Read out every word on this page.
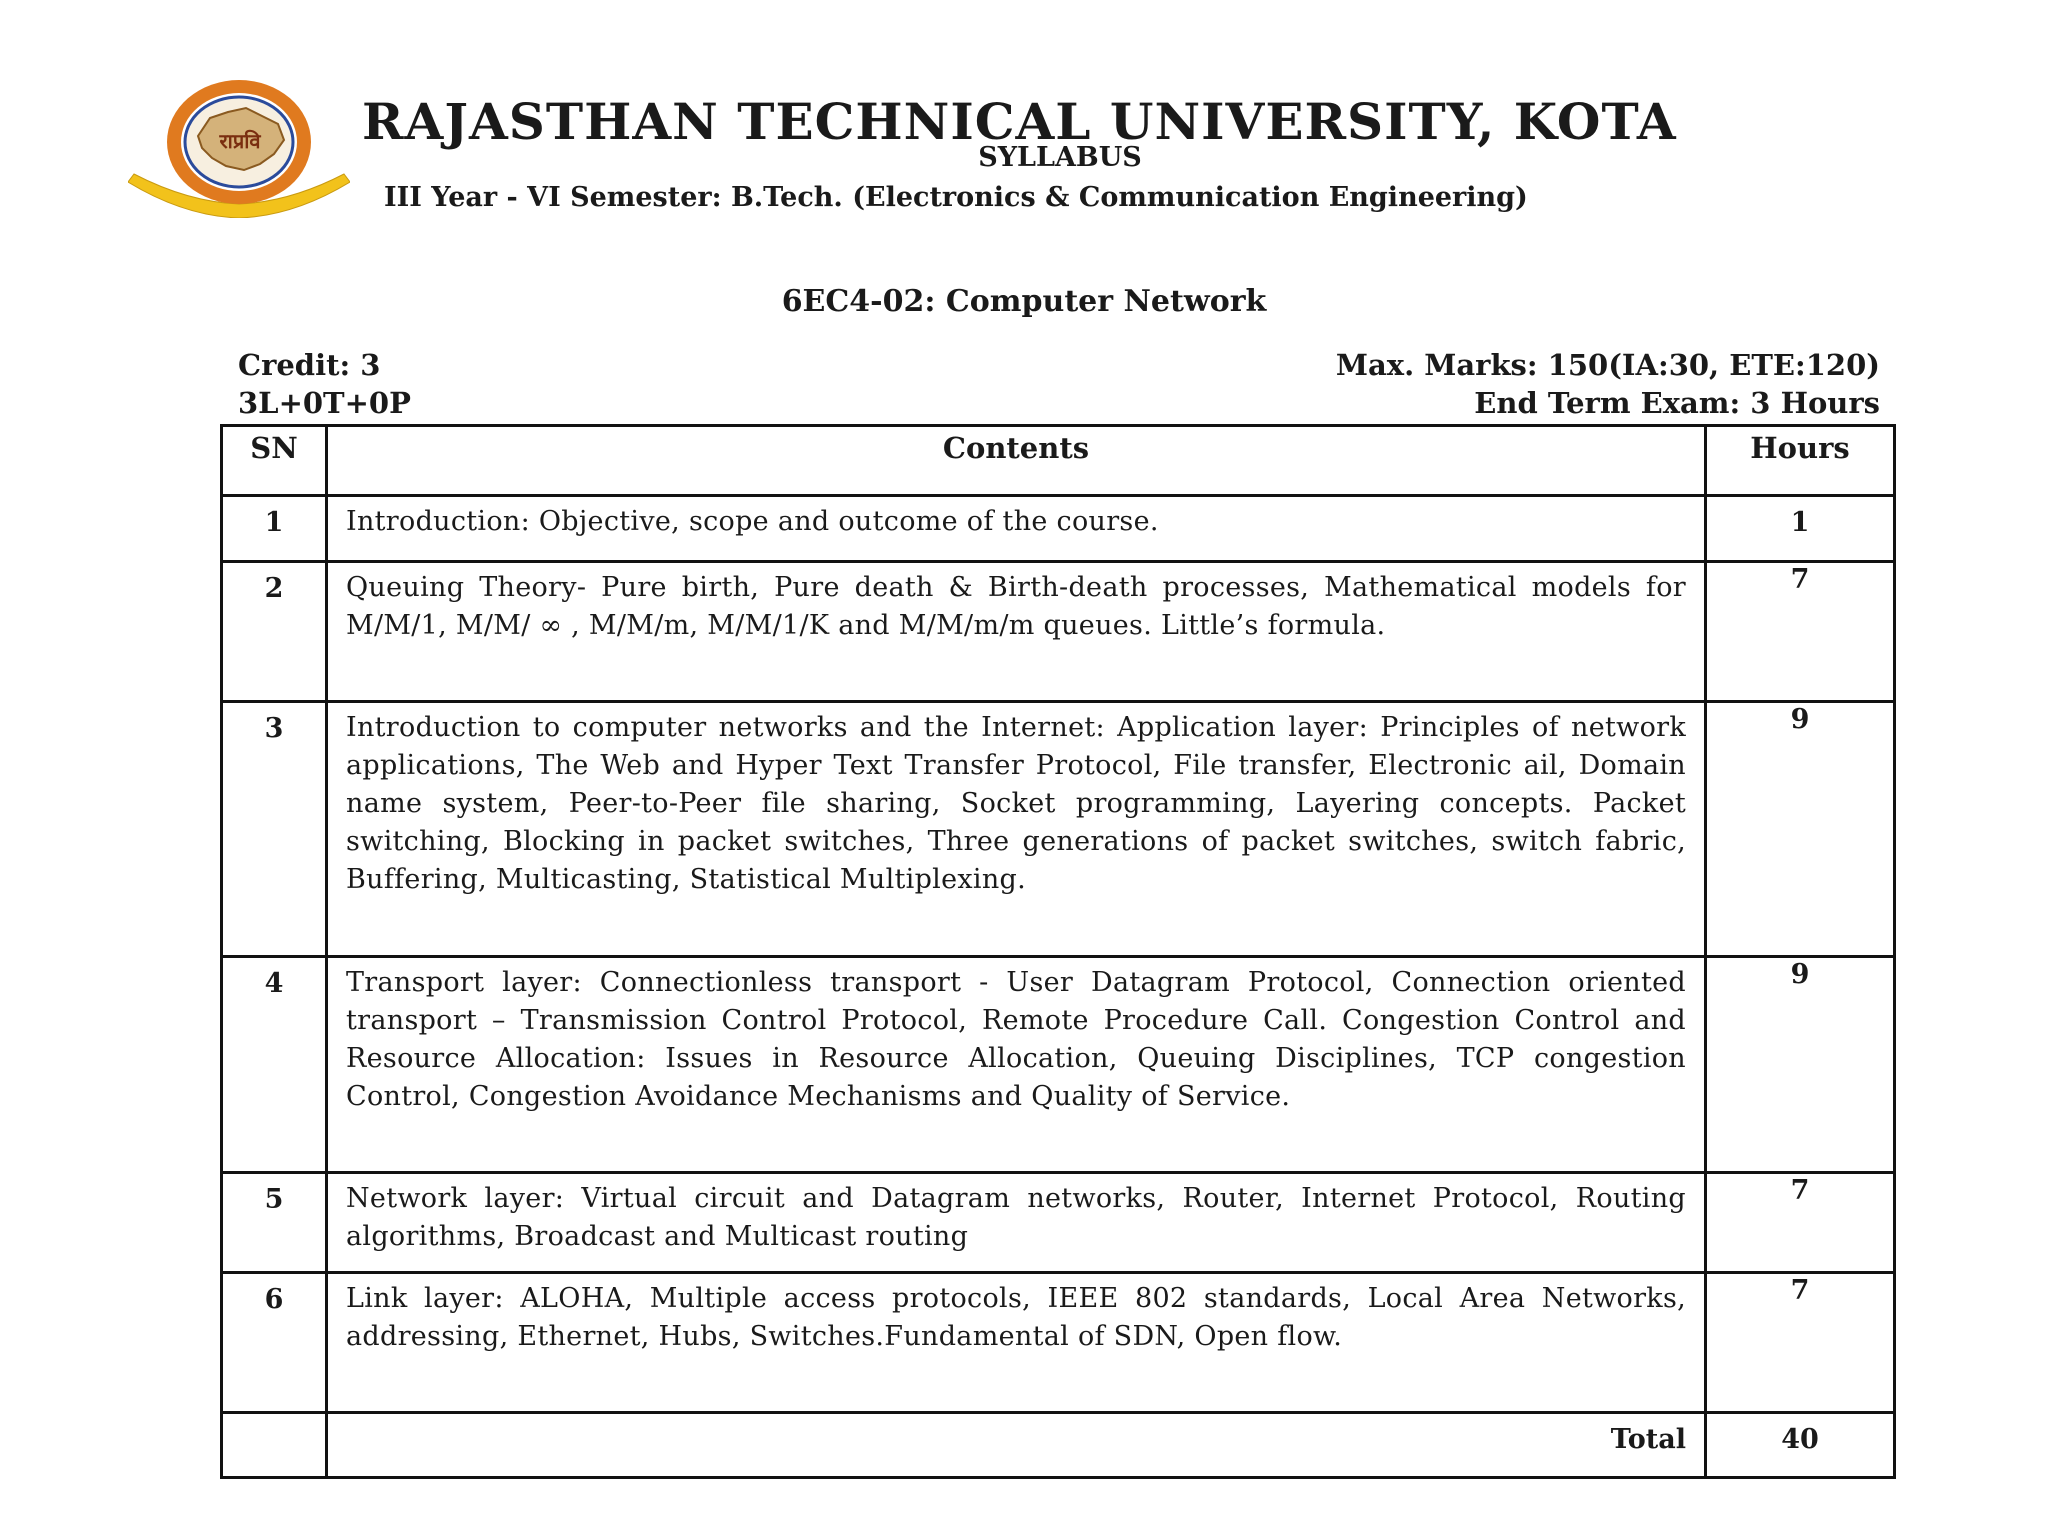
राप्रवि RAJASTHAN TECHNICAL UNIVERSITY, KOTA
SYLLABUS
III Year - VI Semester: B.Tech. (Electronics & Communication Engineering)
6EC4-02: Computer Network
Credit: 3
3L+0T+0P
Max. Marks: 150(IA:30, ETE:120)
End Term Exam: 3 Hours
SN	Contents	Hours
1	Introduction: Objective, scope and outcome of the course.	1
2	Queuing Theory- Pure birth, Pure death & Birth-death processes, Mathematical models for M/M/1, M/M/ ∞ , M/M/m, M/M/1/K and M/M/m/m queues. Little’s formula.	7
3	Introduction to computer networks and the Internet: Application layer: Principles of network applications, The Web and Hyper Text Transfer Protocol, File transfer, Electronic ail, Domain name system, Peer-to-Peer file sharing, Socket programming, Layering concepts. Packet switching, Blocking in packet switches, Three generations of packet switches, switch fabric, Buffering, Multicasting, Statistical Multiplexing.	9
4	Transport layer: Connectionless transport - User Datagram Protocol, Connection oriented transport – Transmission Control Protocol, Remote Procedure Call. Congestion Control and Resource Allocation: Issues in Resource Allocation, Queuing Disciplines, TCP congestion Control, Congestion Avoidance Mechanisms and Quality of Service.	9
5	Network layer: Virtual circuit and Datagram networks, Router, Internet Protocol, Routing algorithms, Broadcast and Multicast routing	7
6	Link layer: ALOHA, Multiple access protocols, IEEE 802 standards, Local Area Networks, addressing, Ethernet, Hubs, Switches.Fundamental of SDN, Open flow.	7
	Total	40
